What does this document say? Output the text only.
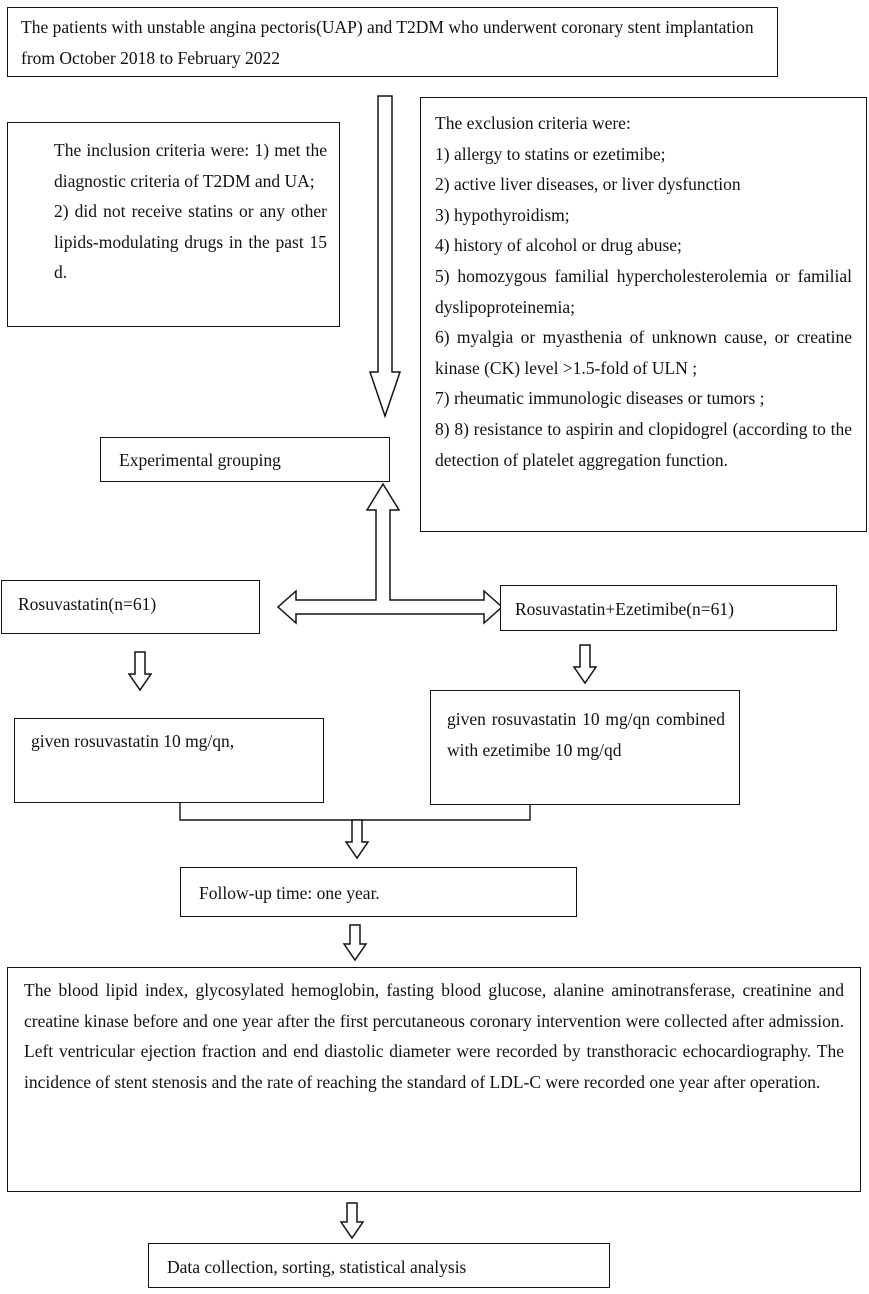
The patients with unstable angina pectoris(UAP) and T2DM who underwent coronary stent implantation from October 2018 to February 2022

The inclusion criteria were: 1) met the diagnostic criteria of T2DM and UA;

2) did not receive statins or any other lipids-modulating drugs in the past 15 d.

The exclusion criteria were:

1) allergy to statins or ezetimibe;

2) active liver diseases, or liver dysfunction

3) hypothyroidism;

4) history of alcohol or drug abuse;

5) homozygous familial hypercholesterolemia or familial dyslipoproteinemia;

6) myalgia or myasthenia of unknown cause, or creatine kinase (CK) level >1.5-fold of ULN ;

7) rheumatic immunologic diseases or tumors ;

8) 8) resistance to aspirin and clopidogrel (according to the detection of platelet aggregation function.

Experimental grouping

Rosuvastatin(n=61)	Rosuvastatin+Ezetimibe(n=61)

given rosuvastatin 10 mg/qn,

given rosuvastatin 10 mg/qn combined with ezetimibe 10 mg/qd

Follow-up time: one year.

The blood lipid index, glycosylated hemoglobin, fasting blood glucose, alanine aminotransferase, creatinine and creatine kinase before and one year after the first percutaneous coronary intervention were collected after admission. Left ventricular ejection fraction and end diastolic diameter were recorded by transthoracic echocardiography. The incidence of stent stenosis and the rate of reaching the standard of LDL-C were recorded one year after operation.

Data collection, sorting, statistical analysis
